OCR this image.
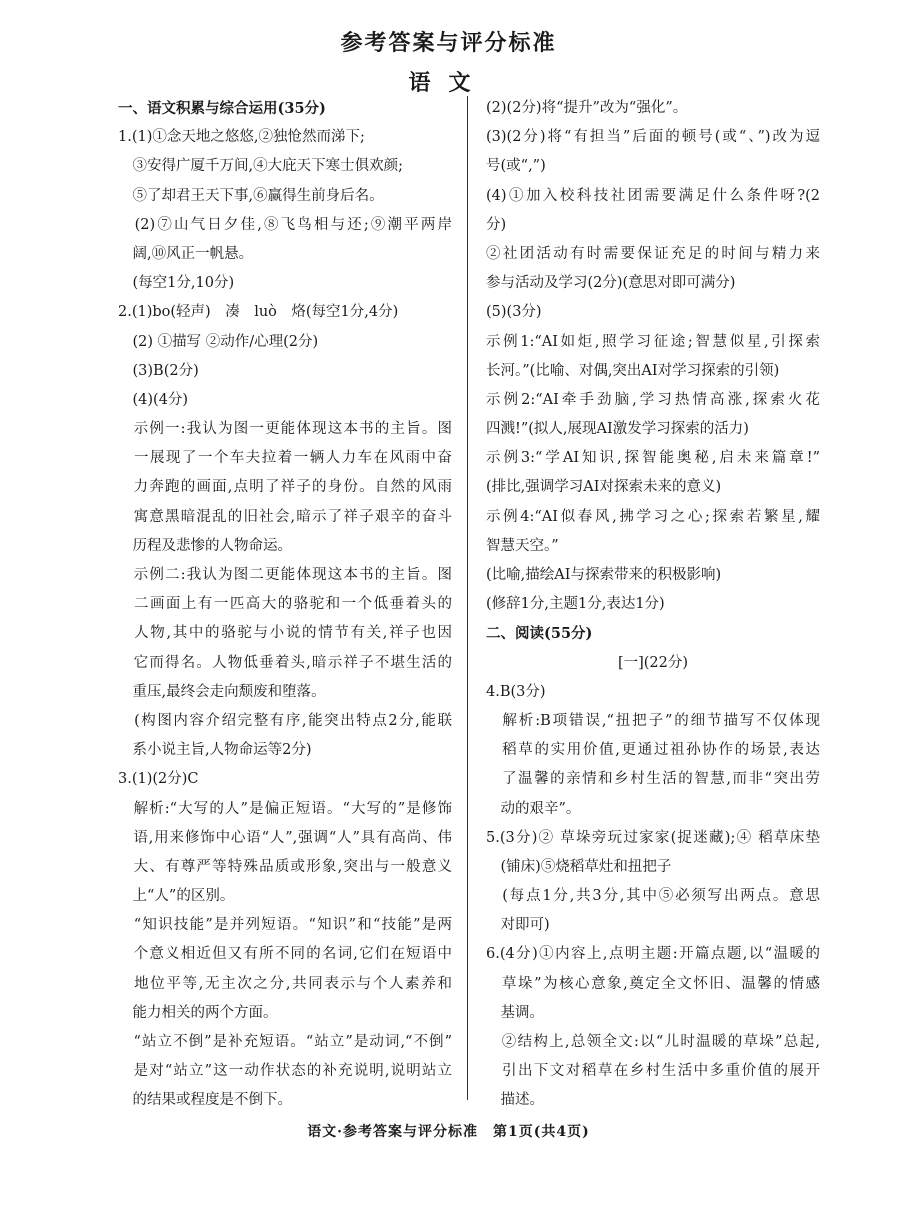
参考答案与评分标准
语文
一、语文积累与综合运用(35分)
1.(1)①念天地之悠悠,②独怆然而涕下;
　③安得广厦千万间,④大庇天下寒士俱欢颜;
　⑤了却君王天下事,⑥赢得生前身后名。
　(2)⑦山气日夕佳,⑧飞鸟相与还;⑨潮平两岸
　阔,⑩风正一帆悬。
　(每空1分,10分)
2.(1)bo(轻声)　凑　luò　烙(每空1分,4分)
　(2) ①描写 ②动作/心理(2分)
　(3)B(2分)
　(4)(4分)
　示例一:我认为图一更能体现这本书的主旨。图
　一展现了一个车夫拉着一辆人力车在风雨中奋
　力奔跑的画面,点明了祥子的身份。自然的风雨
　寓意黑暗混乱的旧社会,暗示了祥子艰辛的奋斗
　历程及悲惨的人物命运。
　示例二:我认为图二更能体现这本书的主旨。图
　二画面上有一匹高大的骆驼和一个低垂着头的
　人物,其中的骆驼与小说的情节有关,祥子也因
　它而得名。人物低垂着头,暗示祥子不堪生活的
　重压,最终会走向颓废和堕落。
　(构图内容介绍完整有序,能突出特点2分,能联
　系小说主旨,人物命运等2分)
3.(1)(2分)C
　解析:“大写的人”是偏正短语。“大写的”是修饰
　语,用来修饰中心语“人”,强调“人”具有高尚、伟
　大、有尊严等特殊品质或形象,突出与一般意义
　上“人”的区别。
　“知识技能”是并列短语。“知识”和“技能”是两
　个意义相近但又有所不同的名词,它们在短语中
　地位平等,无主次之分,共同表示与个人素养和
　能力相关的两个方面。
　“站立不倒”是补充短语。“站立”是动词,“不倒”
　是对“站立”这一动作状态的补充说明,说明站立
　的结果或程度是不倒下。
(2)(2分)将“提升”改为“强化”。
(3)(2分)将“有担当”后面的顿号(或“、”)改为逗
号(或“,”)
(4)①加入校科技社团需要满足什么条件呀?(2
分)
②社团活动有时需要保证充足的时间与精力来
参与活动及学习(2分)(意思对即可满分)
(5)(3分)
示例1:“AI如炬,照学习征途;智慧似星,引探索
长河。”(比喻、对偶,突出AI对学习探索的引领)
示例2:“AI牵手劲脑,学习热情高涨,探索火花
四溅!”(拟人,展现AI激发学习探索的活力)
示例3:“学AI知识,探智能奥秘,启未来篇章!”
(排比,强调学习AI对探索未来的意义)
示例4:“AI似春风,拂学习之心;探索若繁星,耀
智慧天空。”
(比喻,描绘AI与探索带来的积极影响)
(修辞1分,主题1分,表达1分)
二、阅读(55分)
[一](22分)
4.B(3分)
　解析:B项错误,“扭把子”的细节描写不仅体现
　稻草的实用价值,更通过祖孙协作的场景,表达
　了温馨的亲情和乡村生活的智慧,而非“突出劳
　动的艰辛”。
5.(3分)② 草垛旁玩过家家(捉迷藏);④ 稻草床垫
　(铺床)⑤烧稻草灶和扭把子
　(每点1分,共3分,其中⑤必须写出两点。意思
　对即可)
6.(4分)①内容上,点明主题:开篇点题,以“温暖的
　草垛”为核心意象,奠定全文怀旧、温馨的情感
　基调。
　②结构上,总领全文:以“儿时温暖的草垛”总起,
　引出下文对稻草在乡村生活中多重价值的展开
　描述。
语文·参考答案与评分标准　第1页(共4页)
